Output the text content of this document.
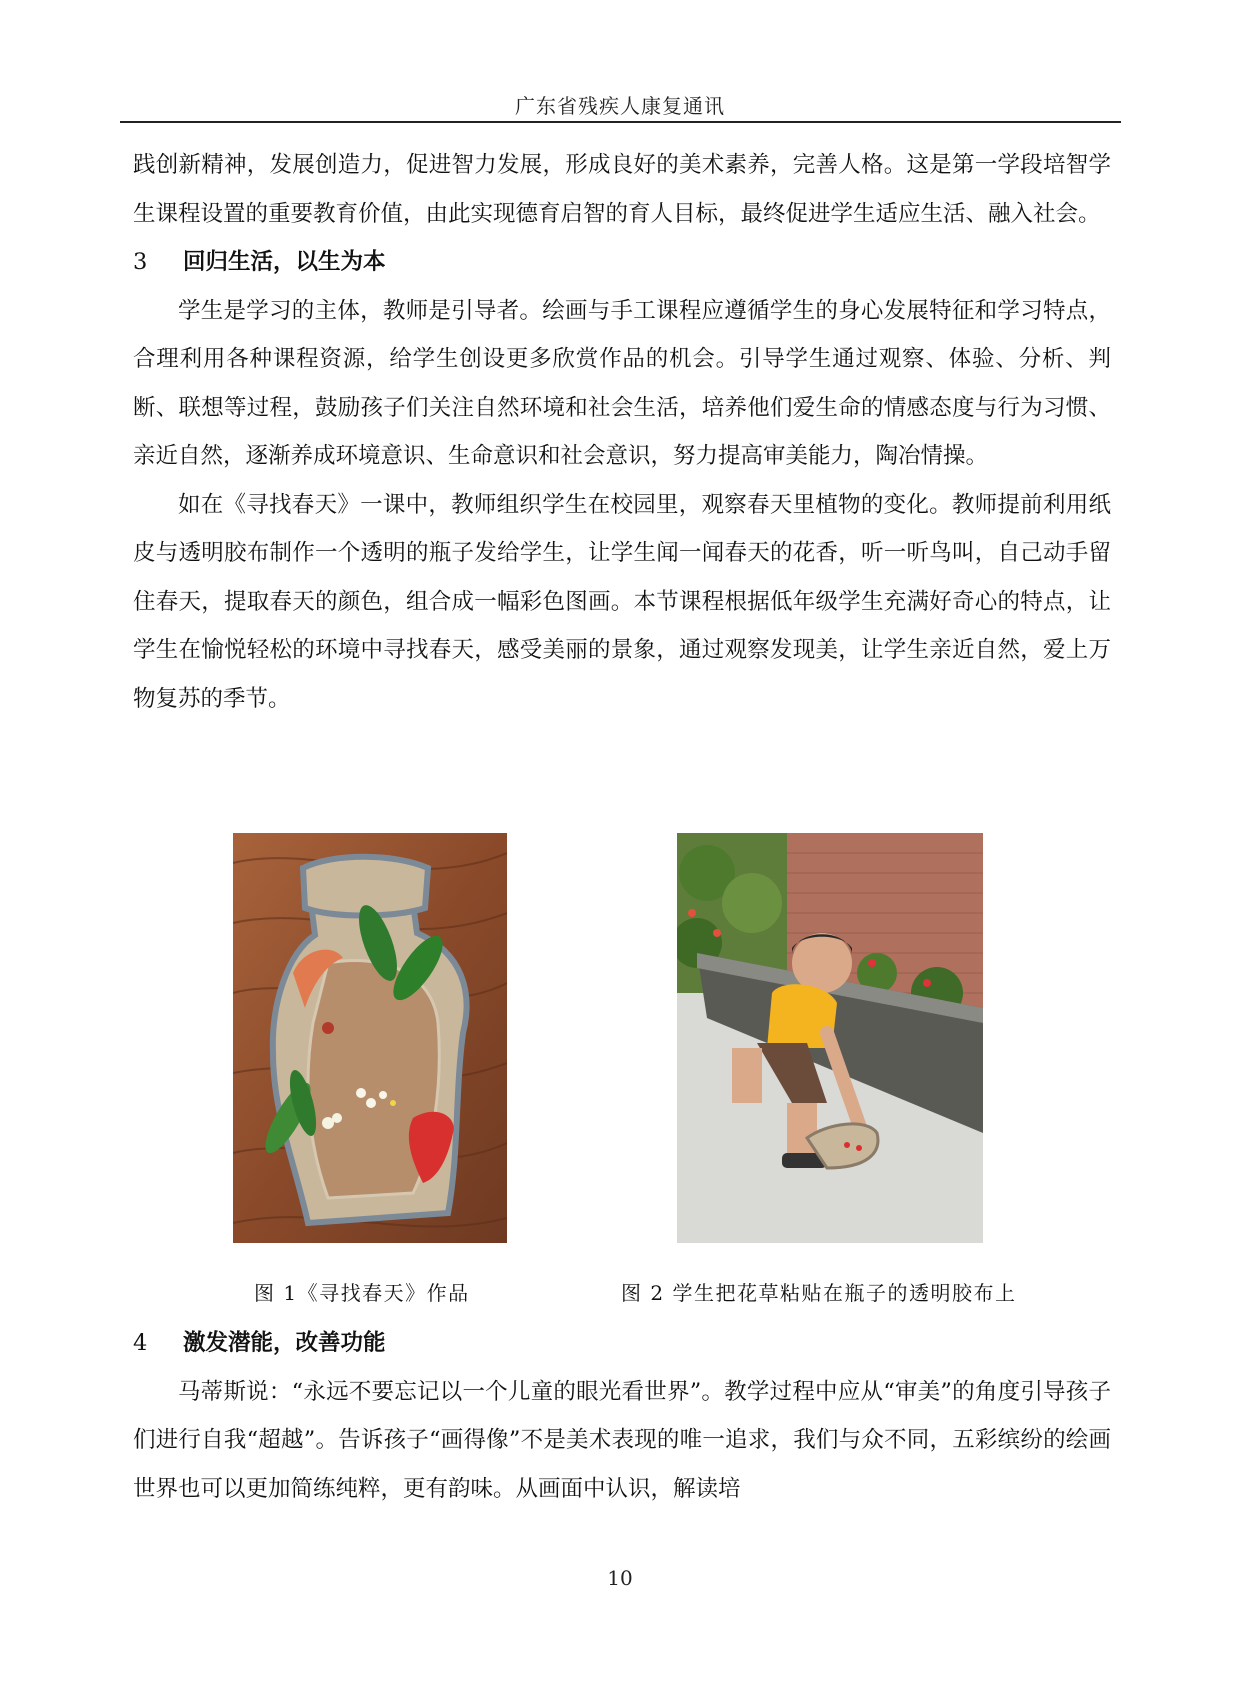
广东省残疾人康复通讯

践创新精神，发展创造力，促进智力发展，形成良好的美术素养，完善人格。这是第一学段培智学生课程设置的重要教育价值，由此实现德育启智的育人目标，最终促进学生适应生活、融入社会。

3 回归生活，以生为本

学生是学习的主体，教师是引导者。绘画与手工课程应遵循学生的身心发展特征和学习特点，合理利用各种课程资源，给学生创设更多欣赏作品的机会。引导学生通过观察、体验、分析、判断、联想等过程，鼓励孩子们关注自然环境和社会生活，培养他们爱生命的情感态度与行为习惯、亲近自然，逐渐养成环境意识、生命意识和社会意识，努力提高审美能力，陶冶情操。

如在《寻找春天》一课中，教师组织学生在校园里，观察春天里植物的变化。教师提前利用纸皮与透明胶布制作一个透明的瓶子发给学生，让学生闻一闻春天的花香，听一听鸟叫，自己动手留住春天，提取春天的颜色，组合成一幅彩色图画。本节课程根据低年级学生充满好奇心的特点，让学生在愉悦轻松的环境中寻找春天，感受美丽的景象，通过观察发现美，让学生亲近自然，爱上万物复苏的季节。

图 1《寻找春天》作品	图 2 学生把花草粘贴在瓶子的透明胶布上

4 激发潜能，改善功能

马蒂斯说：“永远不要忘记以一个儿童的眼光看世界”。教学过程中应从“审美”的角度引导孩子们进行自我“超越”。告诉孩子“画得像”不是美术表现的唯一追求，我们与众不同，五彩缤纷的绘画世界也可以更加简练纯粹，更有韵味。从画面中认识，解读培

10
